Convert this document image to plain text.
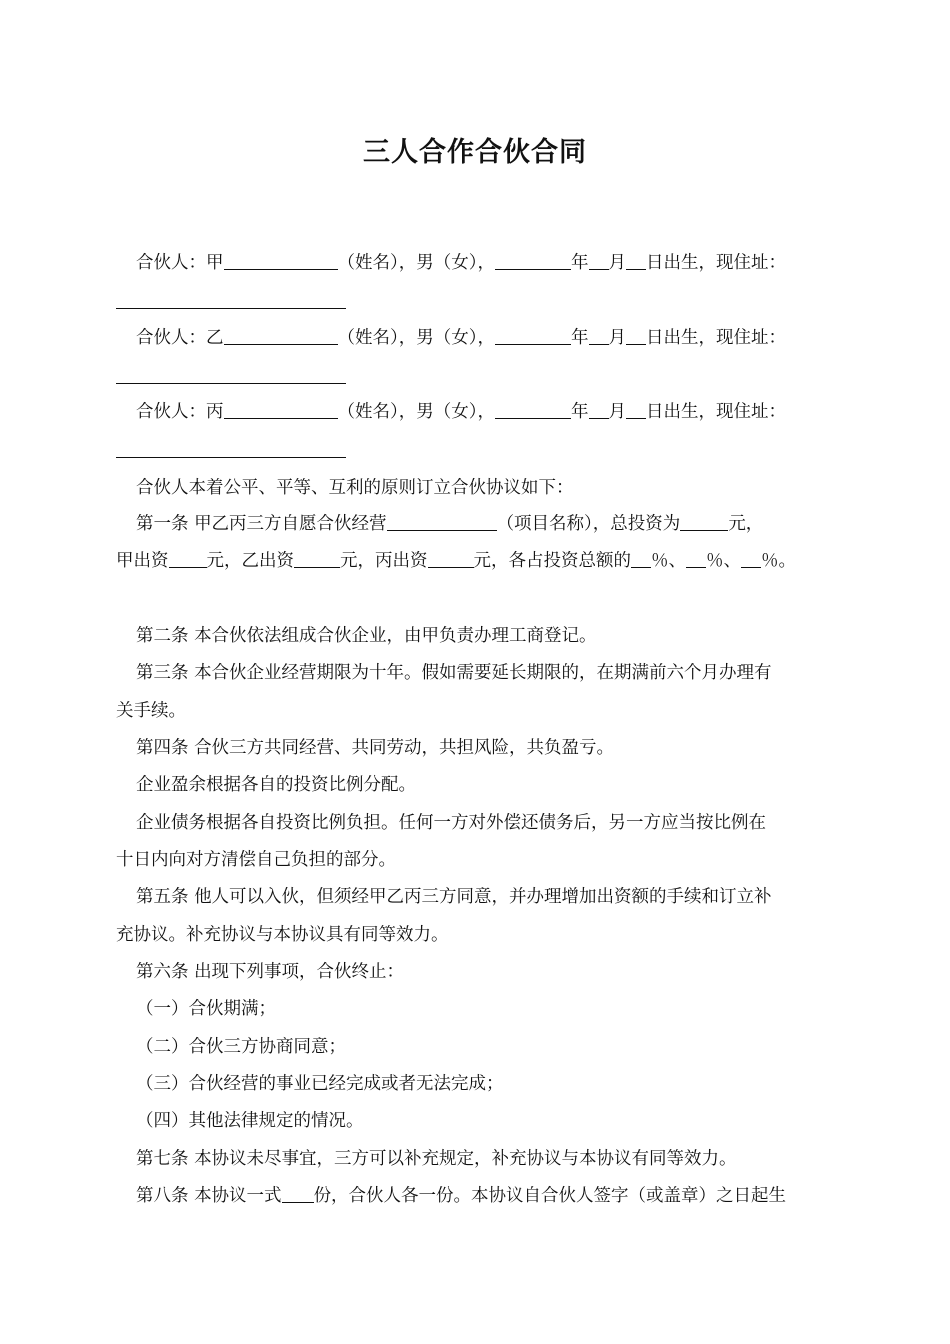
三人合作合伙合同

合伙人：甲	（姓名），男（女），	年 月 日出生，现住址：

合伙人：乙	（姓名），男（女），	年 月 日出生，现住址：

合伙人：丙	（姓名），男（女），	年 月 日出生，现住址：

合伙人本着公平、平等、互利的原则订立合伙协议如下：

第一条 甲乙丙三方自愿合伙经营	（项目名称），总投资为	元，

甲出资 元，乙出资	元，丙出资	元，各占投资总额的 ％、 ％、 ％。

第二条 本合伙依法组成合伙企业，由甲负责办理工商登记。

第三条 本合伙企业经营期限为十年。假如需要延长期限的，在期满前六个月办理有

关手续。

第四条 合伙三方共同经营、共同劳动，共担风险，共负盈亏。

企业盈余根据各自的投资比例分配。

企业债务根据各自投资比例负担。任何一方对外偿还债务后，另一方应当按比例在

十日内向对方清偿自己负担的部分。

第五条 他人可以入伙，但须经甲乙丙三方同意，并办理增加出资额的手续和订立补

充协议。补充协议与本协议具有同等效力。

第六条 出现下列事项，合伙终止：

（一）合伙期满；

（二）合伙三方协商同意；

（三）合伙经营的事业已经完成或者无法完成；

（四）其他法律规定的情况。

第七条 本协议未尽事宜，三方可以补充规定，补充协议与本协议有同等效力。

第八条 本协议一式 份，合伙人各一份。本协议自合伙人签字（或盖章）之日起生
